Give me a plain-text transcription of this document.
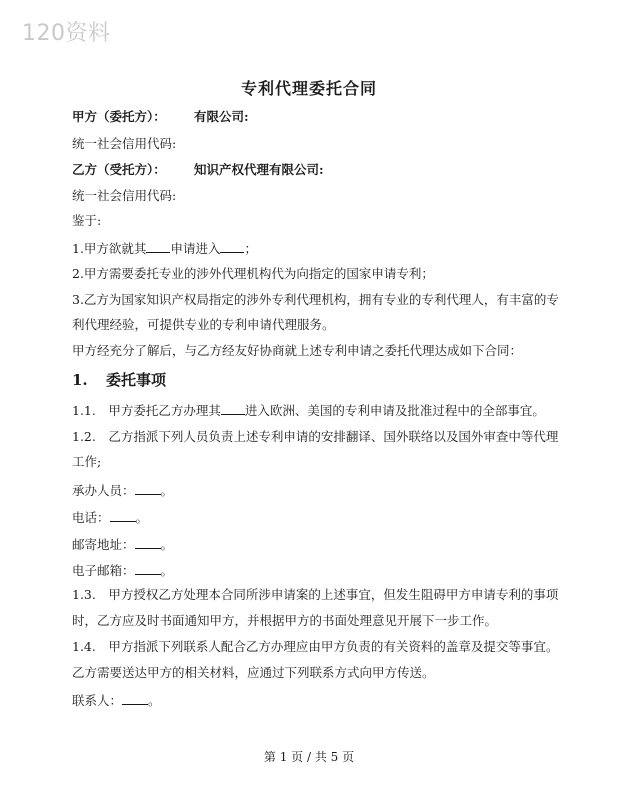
120资料
专利代理委托合同
甲方（委托方）： 有限公司:
统一社会信用代码:
乙方（受托方）： 知识产权代理有限公司:
统一社会信用代码:
鉴于:
1.甲方欲就其 申请进入 ；
2.甲方需要委托专业的涉外代理机构代为向指定的国家申请专利；
3.乙方为国家知识产权局指定的涉外专利代理机构，拥有专业的专利代理人，有丰富的专
利代理经验，可提供专业的专利申请代理服务。
甲方经充分了解后，与乙方经友好协商就上述专利申请之委托代理达成如下合同：
1. 委托事项
1.1.　甲方委托乙方办理其 进入欧洲、美国的专利申请及批准过程中的全部事宜。
1.2.　乙方指派下列人员负责上述专利申请的安排翻译、国外联络以及国外审查中等代理
工作;
承办人员： 。
电话： 。
邮寄地址： 。
电子邮箱： 。
1.3.　甲方授权乙方处理本合同所涉申请案的上述事宜，但发生阻碍甲方申请专利的事项
时，乙方应及时书面通知甲方，并根据甲方的书面处理意见开展下一步工作。
1.4.　甲方指派下列联系人配合乙方办理应由甲方负责的有关资料的盖章及提交等事宜。
乙方需要送达甲方的相关材料，应通过下列联系方式向甲方传送。
联系人： 。
第 1 页 / 共 5 页
